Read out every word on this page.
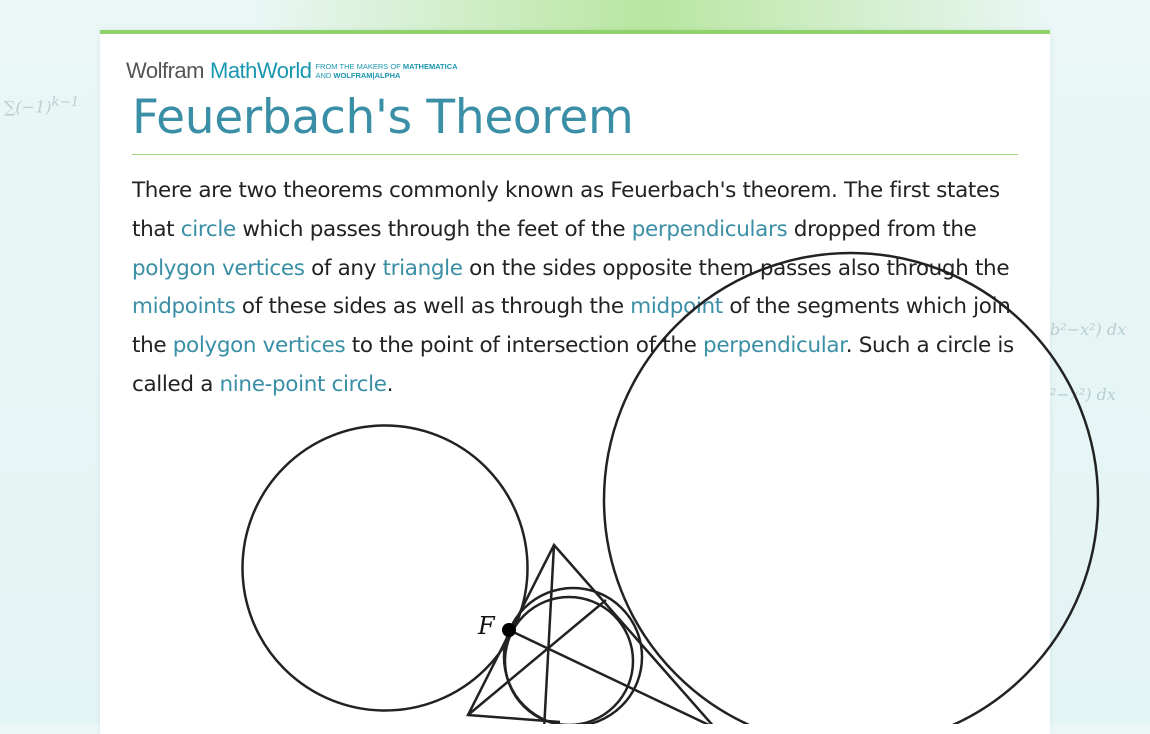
$\sum(-1)^{k-1}$
b²−x²) dx
²−x²) dx
Wolfram MathWorld FROM THE MAKERS OF MATHEMATICA
AND WOLFRAM|ALPHA
Feuerbach's Theorem

There are two theorems commonly known as Feuerbach's theorem. The first states that circle which passes through the feet of the perpendiculars dropped from the polygon vertices of any triangle on the sides opposite them passes also through the midpoints of these sides as well as through the midpoint of the segments which join the polygon vertices to the point of intersection of the perpendicular. Such a circle is called a nine-point circle.

F
